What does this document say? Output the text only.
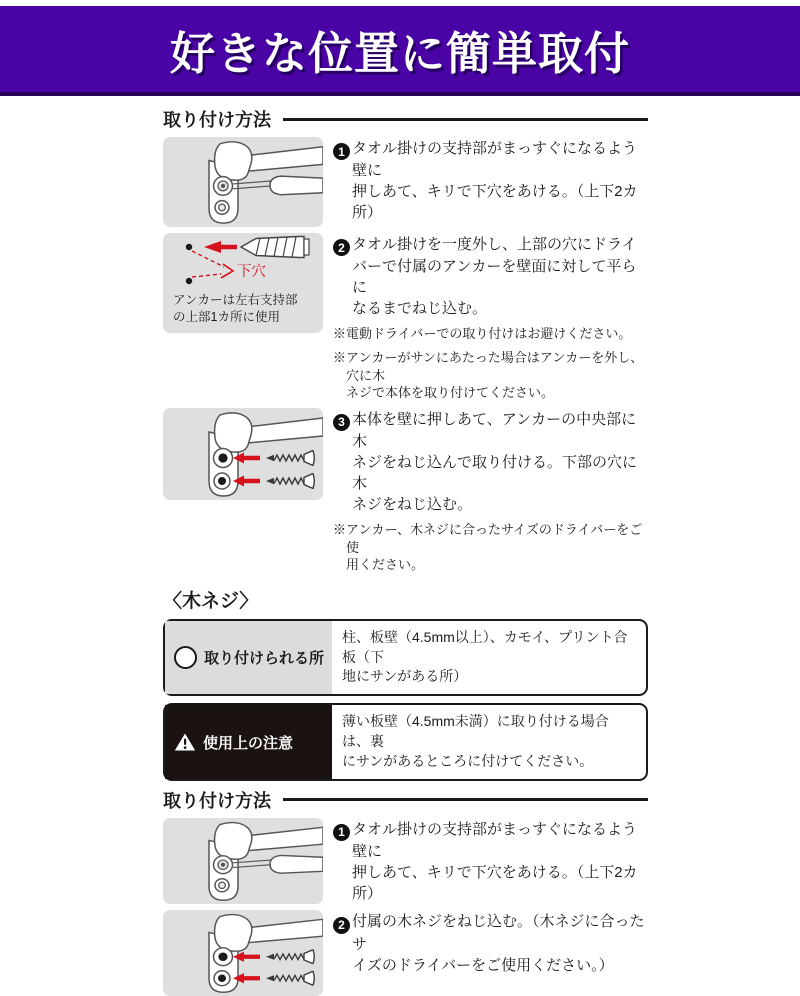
好きな位置に簡単取付
取り付け方法

1 タオル掛けの支持部がまっすぐになるよう壁に
押しあて、キリで下穴をあける。（上下2カ所）

下穴
アンカーは左右支持部
の上部1カ所に使用

2 タオル掛けを一度外し、上部の穴にドライ
バーで付属のアンカーを壁面に対して平らに
なるまでねじ込む。

※電動ドライバーでの取り付けはお避けください。

※アンカーがサンにあたった場合はアンカーを外し、穴に木
ネジで本体を取り付けてください。

3 本体を壁に押しあて、アンカーの中央部に木
ネジをねじ込んで取り付ける。下部の穴に木
ネジをねじ込む。

※アンカー、木ネジに合ったサイズのドライバーをご使
用ください。

〈木ネジ〉
取り付けられる所
柱、板壁（4.5mm以上）、カモイ、プリント合板（下
地にサンがある所）
使用上の注意
薄い板壁（4.5mm未満）に取り付ける場合は、裏
にサンがあるところに付けてください。
取り付け方法

1 タオル掛けの支持部がまっすぐになるよう壁に
押しあて、キリで下穴をあける。（上下2カ所）

2 付属の木ネジをねじ込む。（木ネジに合ったサ
イズのドライバーをご使用ください。）
